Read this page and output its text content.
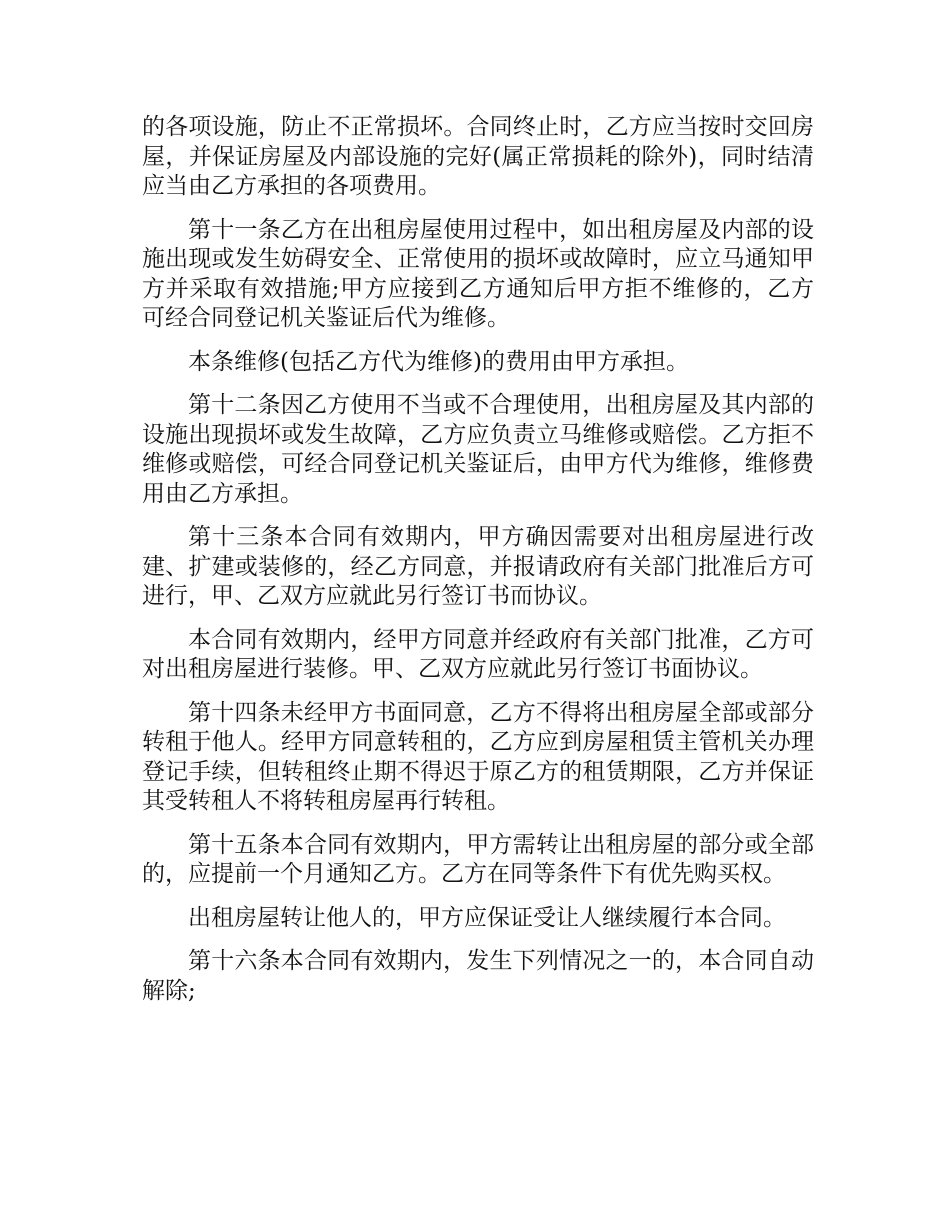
的各项设施，防止不正常损坏。合同终止时，乙方应当按时交回房屋，并保证房屋及内部设施的完好(属正常损耗的除外)，同时结清应当由乙方承担的各项费用。

第十一条乙方在出租房屋使用过程中，如出租房屋及内部的设施出现或发生妨碍安全、正常使用的损坏或故障时，应立马通知甲方并采取有效措施;甲方应接到乙方通知后甲方拒不维修的，乙方可经合同登记机关鉴证后代为维修。

本条维修(包括乙方代为维修)的费用由甲方承担。

第十二条因乙方使用不当或不合理使用，出租房屋及其内部的设施出现损坏或发生故障，乙方应负责立马维修或赔偿。乙方拒不维修或赔偿，可经合同登记机关鉴证后，由甲方代为维修，维修费用由乙方承担。

第十三条本合同有效期内，甲方确因需要对出租房屋进行改建、扩建或装修的，经乙方同意，并报请政府有关部门批准后方可进行，甲、乙双方应就此另行签订书而协议。

本合同有效期内，经甲方同意并经政府有关部门批准，乙方可对出租房屋进行装修。甲、乙双方应就此另行签订书面协议。

第十四条未经甲方书面同意，乙方不得将出租房屋全部或部分转租于他人。经甲方同意转租的，乙方应到房屋租赁主管机关办理登记手续，但转租终止期不得迟于原乙方的租赁期限，乙方并保证其受转租人不将转租房屋再行转租。

第十五条本合同有效期内，甲方需转让出租房屋的部分或全部的，应提前一个月通知乙方。乙方在同等条件下有优先购买权。

出租房屋转让他人的，甲方应保证受让人继续履行本合同。

第十六条本合同有效期内，发生下列情况之一的，本合同自动解除;
